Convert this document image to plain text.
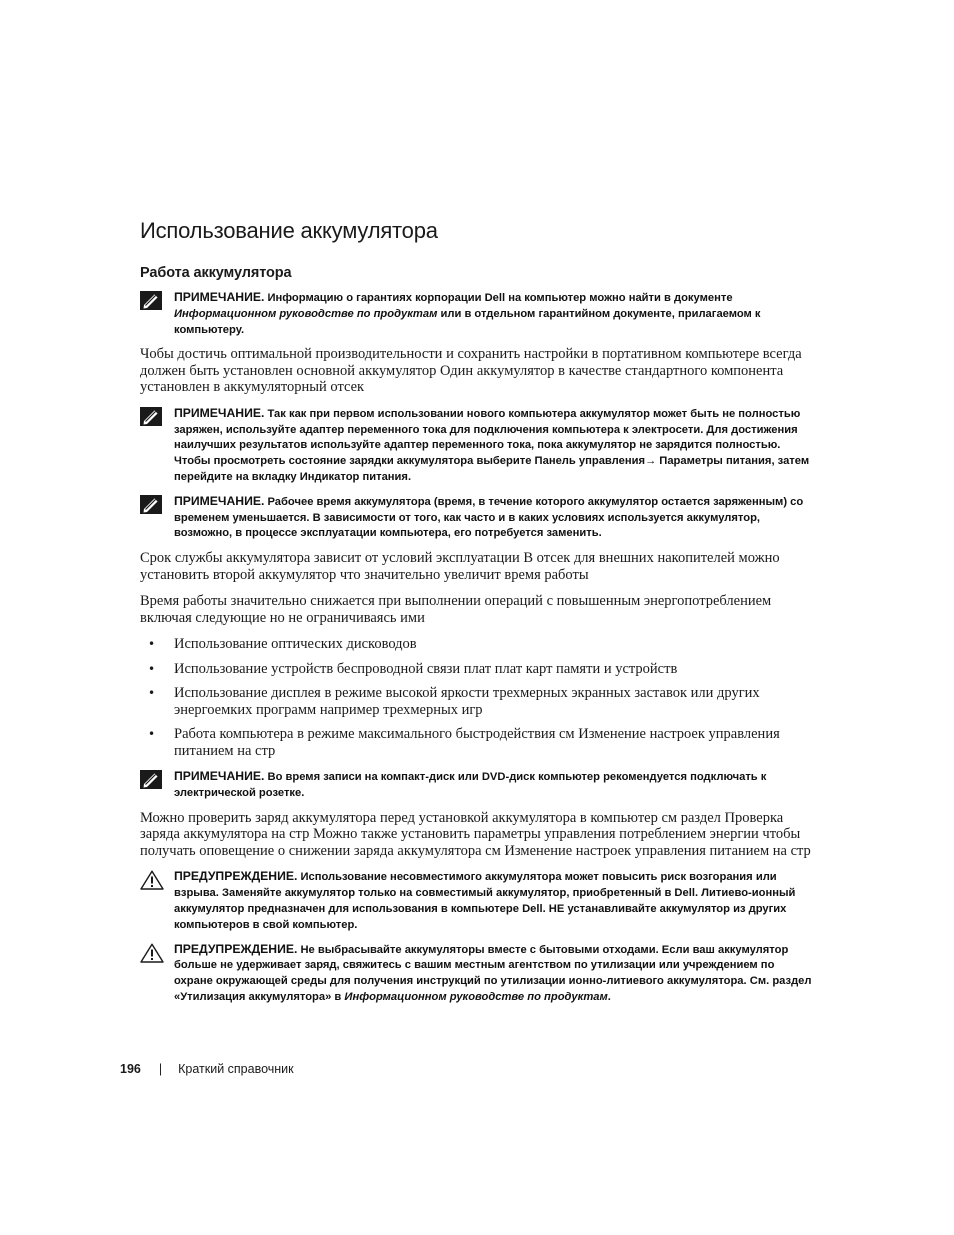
Использование аккумулятора
Работа аккумулятора
ПРИМЕЧАНИЕ. Информацию о гарантиях корпорации Dell на компьютер можно найти в документе Информационном руководстве по продуктам или в отдельном гарантийном документе, прилагаемом к компьютеру.

Чобы достичь оптимальной производительности и сохранить настройки в портативном компьютере всегда должен быть установлен основной аккумулятор Один аккумулятор в качестве стандартного компонента установлен в аккумуляторный отсек

ПРИМЕЧАНИЕ. Так как при первом использовании нового компьютера аккумулятор может быть не полностью заряжен, используйте адаптер переменного тока для подключения компьютера к электросети. Для достижения наилучших результатов используйте адаптер переменного тока, пока аккумулятор не зарядится полностью. Чтобы просмотреть состояние зарядки аккумулятора выберите Панель управления→ Параметры питания, затем перейдите на вкладку Индикатор питания.
ПРИМЕЧАНИЕ. Рабочее время аккумулятора (время, в течение которого аккумулятор остается заряженным) со временем уменьшается. В зависимости от того, как часто и в каких условиях используется аккумулятор, возможно, в процессе эксплуатации компьютера, его потребуется заменить.

Срок службы аккумулятора зависит от условий эксплуатации В отсек для внешних накопителей можно установить второй аккумулятор что значительно увеличит время работы

Время работы значительно снижается при выполнении операций с повышенным энергопотреблением включая следующие но не ограничиваясь ими

• Использование оптических дисководов
• Использование устройств беспроводной связи плат плат карт памяти и устройств
• Использование дисплея в режиме высокой яркости трехмерных экранных заставок или других энергоемких программ например трехмерных игр
• Работа компьютера в режиме максимального быстродействия см Изменение настроек управления питанием на стр
ПРИМЕЧАНИЕ. Во время записи на компакт-диск или DVD-диск компьютер рекомендуется подключать к электрической розетке.

Можно проверить заряд аккумулятора перед установкой аккумулятора в компьютер см раздел Проверка заряда аккумулятора на стр Можно также установить параметры управления потреблением энергии чтобы получать оповещение о снижении заряда аккумулятора см Изменение настроек управления питанием на стр

ПРЕДУПРЕЖДЕНИЕ. Использование несовместимого аккумулятора может повысить риск возгорания или взрыва. Заменяйте аккумулятор только на совместимый аккумулятор, приобретенный в Dell. Литиево-ионный аккумулятор предназначен для использования в компьютере Dell. НЕ устанавливайте аккумулятор из других компьютеров в свой компьютер.
ПРЕДУПРЕЖДЕНИЕ. Не выбрасывайте аккумуляторы вместе с бытовыми отходами. Если ваш аккумулятор больше не удерживает заряд, свяжитесь с вашим местным агентством по утилизации или учреждением по охране окружающей среды для получения инструкций по утилизации ионно-литиевого аккумулятора. См. раздел «Утилизация аккумулятора» в Информационном руководстве по продуктам.
196 | Краткий справочник
